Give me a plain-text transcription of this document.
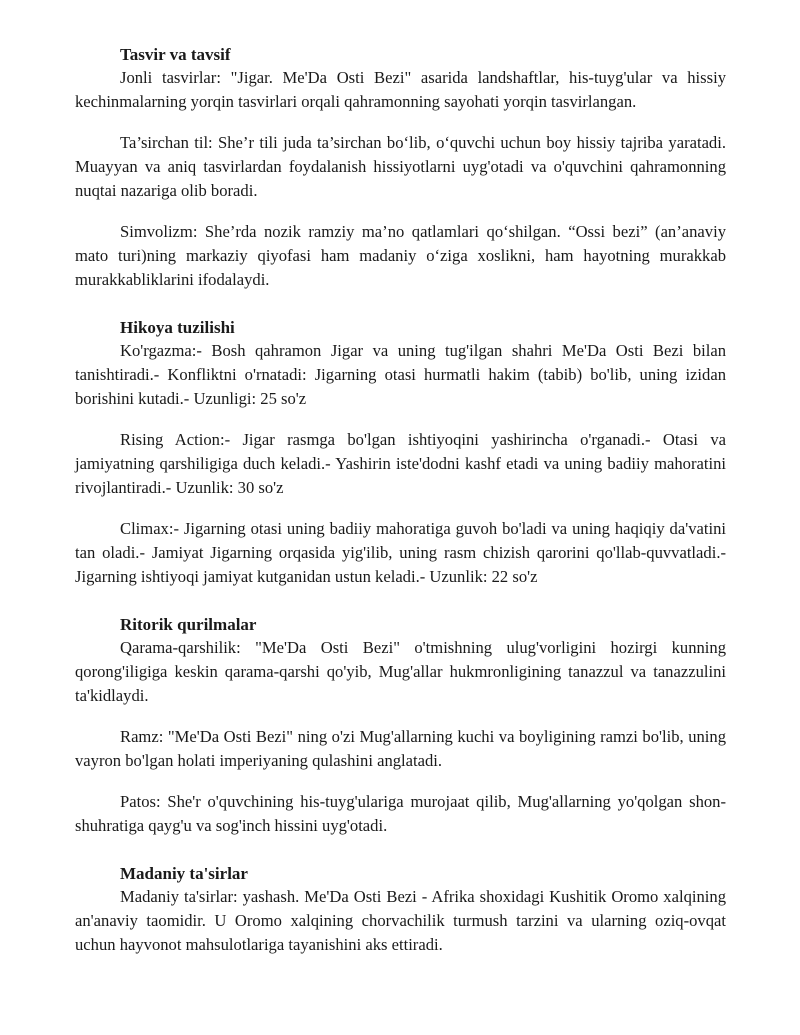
Tasvir va tavsif

Jonli tasvirlar: "Jigar. Me'Da Osti Bezi" asarida landshaftlar, his-tuyg'ular va hissiy kechinmalarning yorqin tasvirlari orqali qahramonning sayohati yorqin tasvirlangan.

Ta’sirchan til: She’r tili juda ta’sirchan bo‘lib, o‘quvchi uchun boy hissiy tajriba yaratadi. Muayyan va aniq tasvirlardan foydalanish hissiyotlarni uyg'otadi va o'quvchini qahramonning nuqtai nazariga olib boradi.

Simvolizm: She’rda nozik ramziy ma’no qatlamlari qo‘shilgan. “Ossi bezi” (an’anaviy mato turi)ning markaziy qiyofasi ham madaniy o‘ziga xoslikni, ham hayotning murakkab murakkabliklarini ifodalaydi.

Hikoya tuzilishi

Ko'rgazma:- Bosh qahramon Jigar va uning tug'ilgan shahri Me'Da Osti Bezi bilan tanishtiradi.- Konfliktni o'rnatadi: Jigarning otasi hurmatli hakim (tabib) bo'lib, uning izidan borishini kutadi.- Uzunligi: 25 so'z

Rising Action:- Jigar rasmga bo'lgan ishtiyoqini yashirincha o'rganadi.- Otasi va jamiyatning qarshiligiga duch keladi.- Yashirin iste'dodni kashf etadi va uning badiiy mahoratini rivojlantiradi.- Uzunlik: 30 so'z

Climax:- Jigarning otasi uning badiiy mahoratiga guvoh bo'ladi va uning haqiqiy da'vatini tan oladi.- Jamiyat Jigarning orqasida yig'ilib, uning rasm chizish qarorini qo'llab-quvvatladi.- Jigarning ishtiyoqi jamiyat kutganidan ustun keladi.- Uzunlik: 22 so'z

Ritorik qurilmalar

Qarama-qarshilik: "Me'Da Osti Bezi" o'tmishning ulug'vorligini hozirgi kunning qorong'iligiga keskin qarama-qarshi qo'yib, Mug'allar hukmronligining tanazzul va tanazzulini ta'kidlaydi.

Ramz: "Me'Da Osti Bezi" ning o'zi Mug'allarning kuchi va boyligining ramzi bo'lib, uning vayron bo'lgan holati imperiyaning qulashini anglatadi.

Patos: She'r o'quvchining his-tuyg'ulariga murojaat qilib, Mug'allarning yo'qolgan shon-shuhratiga qayg'u va sog'inch hissini uyg'otadi.

Madaniy ta'sirlar

Madaniy ta'sirlar: yashash. Me'Da Osti Bezi - Afrika shoxidagi Kushitik Oromo xalqining an'anaviy taomidir. U Oromo xalqining chorvachilik turmush tarzini va ularning oziq-ovqat uchun hayvonot mahsulotlariga tayanishini aks ettiradi.
